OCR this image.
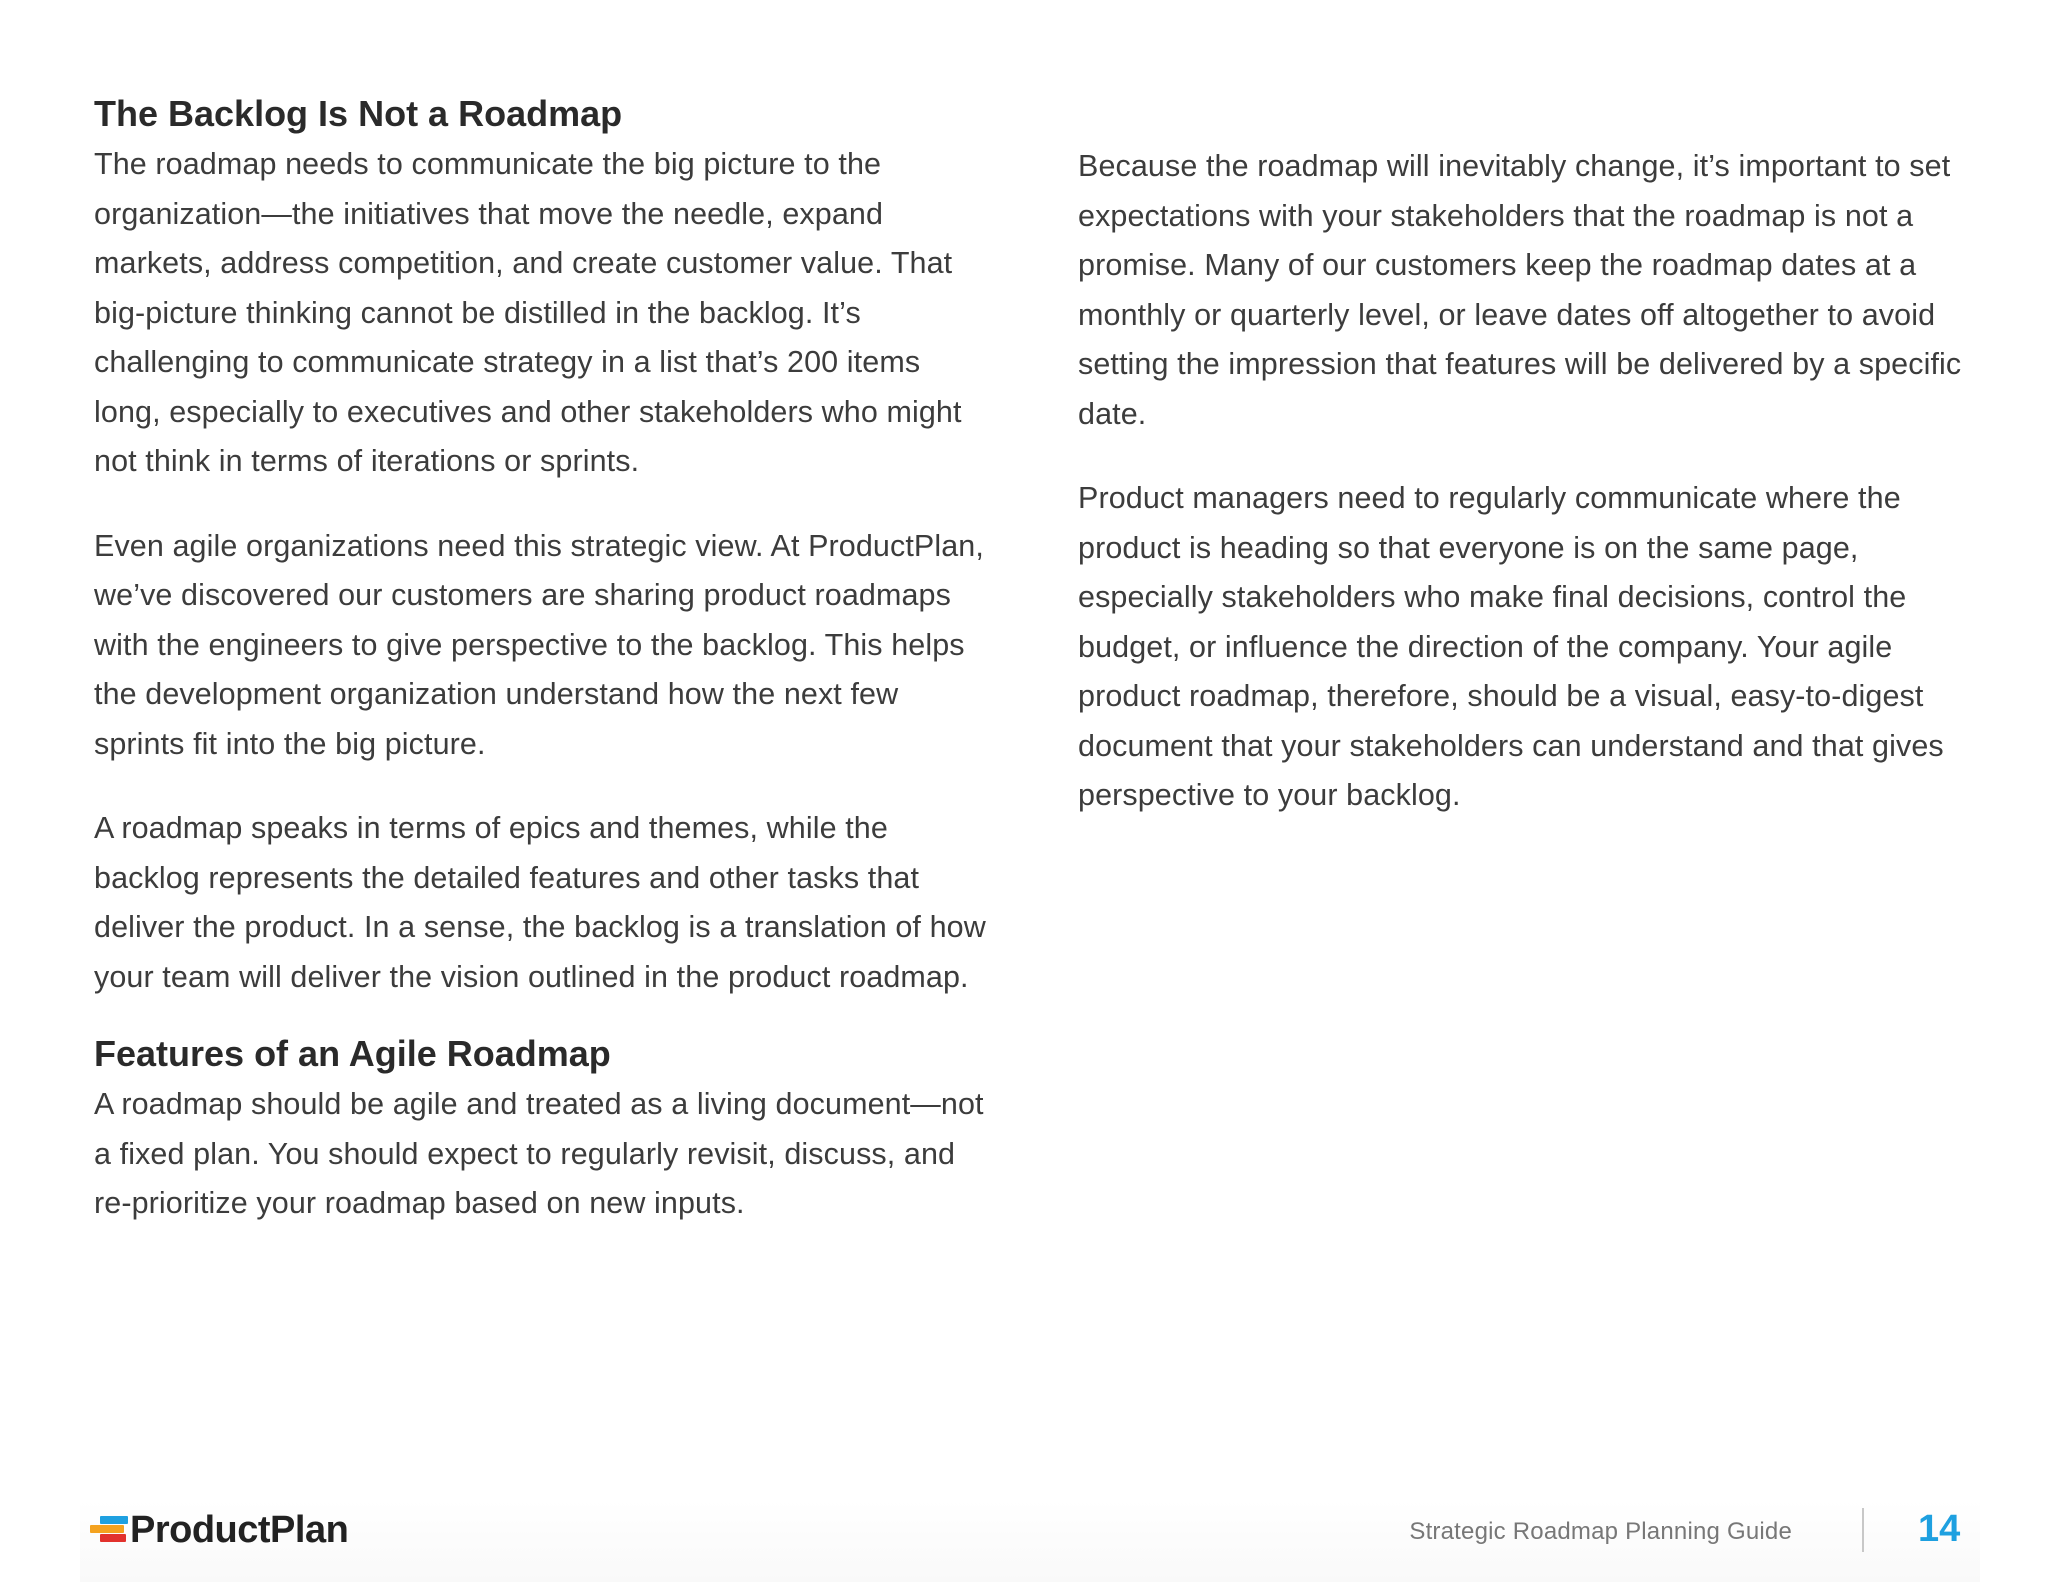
The Backlog Is Not a Roadmap

The roadmap needs to communicate the big picture to the organization—the initiatives that move the needle, expand markets, address competition, and create customer value. That big-picture thinking cannot be distilled in the backlog. It’s challenging to communicate strategy in a list that’s 200 items long, especially to executives and other stakeholders who might not think in terms of iterations or sprints.

Even agile organizations need this strategic view. At ProductPlan, we’ve discovered our customers are sharing product roadmaps with the engineers to give perspective to the backlog. This helps the development organization understand how the next few sprints fit into the big picture.

A roadmap speaks in terms of epics and themes, while the backlog represents the detailed features and other tasks that deliver the product. In a sense, the backlog is a translation of how your team will deliver the vision outlined in the product roadmap.

Features of an Agile Roadmap

A roadmap should be agile and treated as a living document—not a fixed plan. You should expect to regularly revisit, discuss, and re-prioritize your roadmap based on new inputs.

Because the roadmap will inevitably change, it’s important to set expectations with your stakeholders that the roadmap is not a promise. Many of our customers keep the roadmap dates at a monthly or quarterly level, or leave dates off altogether to avoid setting the impression that features will be delivered by a specific date.

Product managers need to regularly communicate where the product is heading so that everyone is on the same page, especially stakeholders who make final decisions, control the budget, or influence the direction of the company. Your agile product roadmap, therefore, should be a visual, easy-to-digest document that your stakeholders can understand and that gives perspective to your backlog.

ProductPlan	Strategic Roadmap Planning Guide	14
